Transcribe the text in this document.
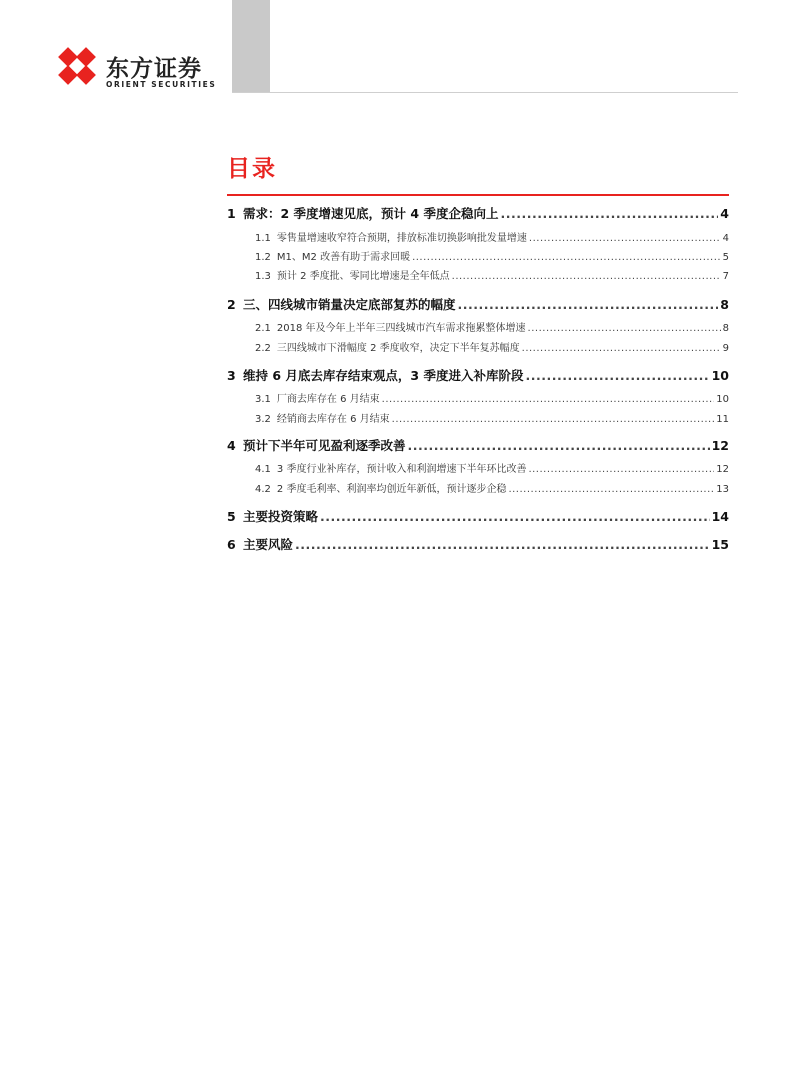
东方证券
ORIENT SECURITIES
目录
1 需求：2 季度增速见底，预计 4 季度企稳向上 .....	4
1.1 零售量增速收窄符合预期，排放标准切换影响批发量增速 .....	4
1.2 M1、M2 改善有助于需求回暖 .....	5
1.3 预计 2 季度批、零同比增速是全年低点 .....	7
2 三、四线城市销量决定底部复苏的幅度 .....	8
2.1 2018 年及今年上半年三四线城市汽车需求拖累整体增速 .....	8
2.2 三四线城市下滑幅度 2 季度收窄，决定下半年复苏幅度 .....	9
3 维持 6 月底去库存结束观点，3 季度进入补库阶段 .....	10
3.1 厂商去库存在 6 月结束 .....	10
3.2 经销商去库存在 6 月结束 .....	11
4 预计下半年可见盈利逐季改善 .....	12
4.1 3 季度行业补库存，预计收入和利润增速下半年环比改善 .....	12
4.2 2 季度毛利率、利润率均创近年新低，预计逐步企稳 .....	13
5 主要投资策略 .....	14
6 主要风险 .....	15
